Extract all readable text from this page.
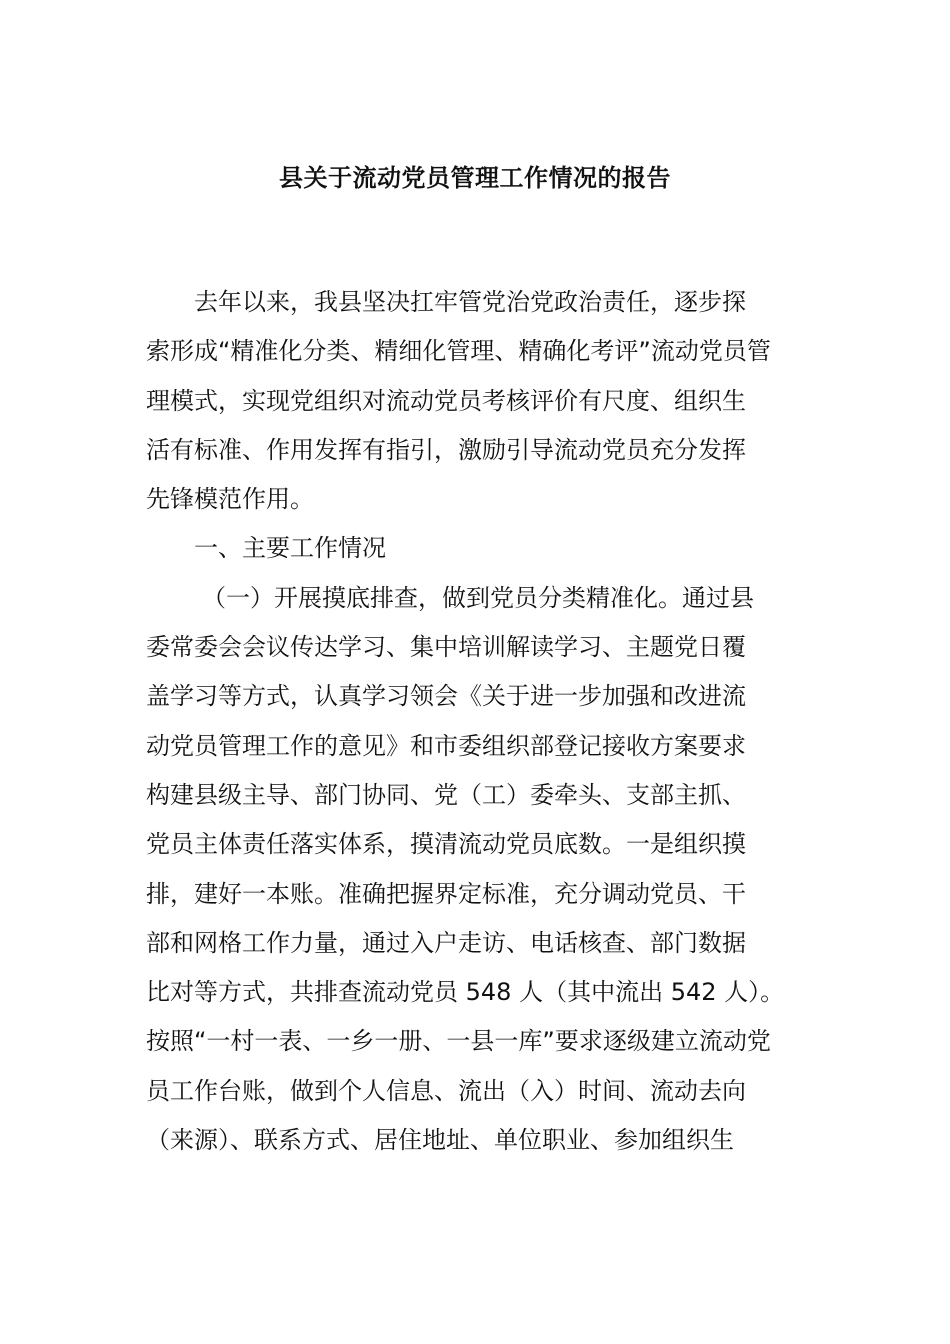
县关于流动党员管理工作情况的报告
去年以来，我县坚决扛牢管党治党政治责任，逐步探
索形成“精准化分类、精细化管理、精确化考评”流动党员管
理模式，实现党组织对流动党员考核评价有尺度、组织生
活有标准、作用发挥有指引，激励引导流动党员充分发挥
先锋模范作用。
一、主要工作情况
（一）开展摸底排查，做到党员分类精准化。通过县
委常委会会议传达学习、集中培训解读学习、主题党日覆
盖学习等方式，认真学习领会《关于进一步加强和改进流
动党员管理工作的意见》和市委组织部登记接收方案要求
构建县级主导、部门协同、党（工）委牵头、支部主抓、
党员主体责任落实体系，摸清流动党员底数。一是组织摸
排，建好一本账。准确把握界定标准，充分调动党员、干
部和网格工作力量，通过入户走访、电话核查、部门数据
比对等方式，共排查流动党员 548 人（其中流出 542 人）。
按照“一村一表、一乡一册、一县一库”要求逐级建立流动党
员工作台账，做到个人信息、流出（入）时间、流动去向
（来源）、联系方式、居住地址、单位职业、参加组织生
